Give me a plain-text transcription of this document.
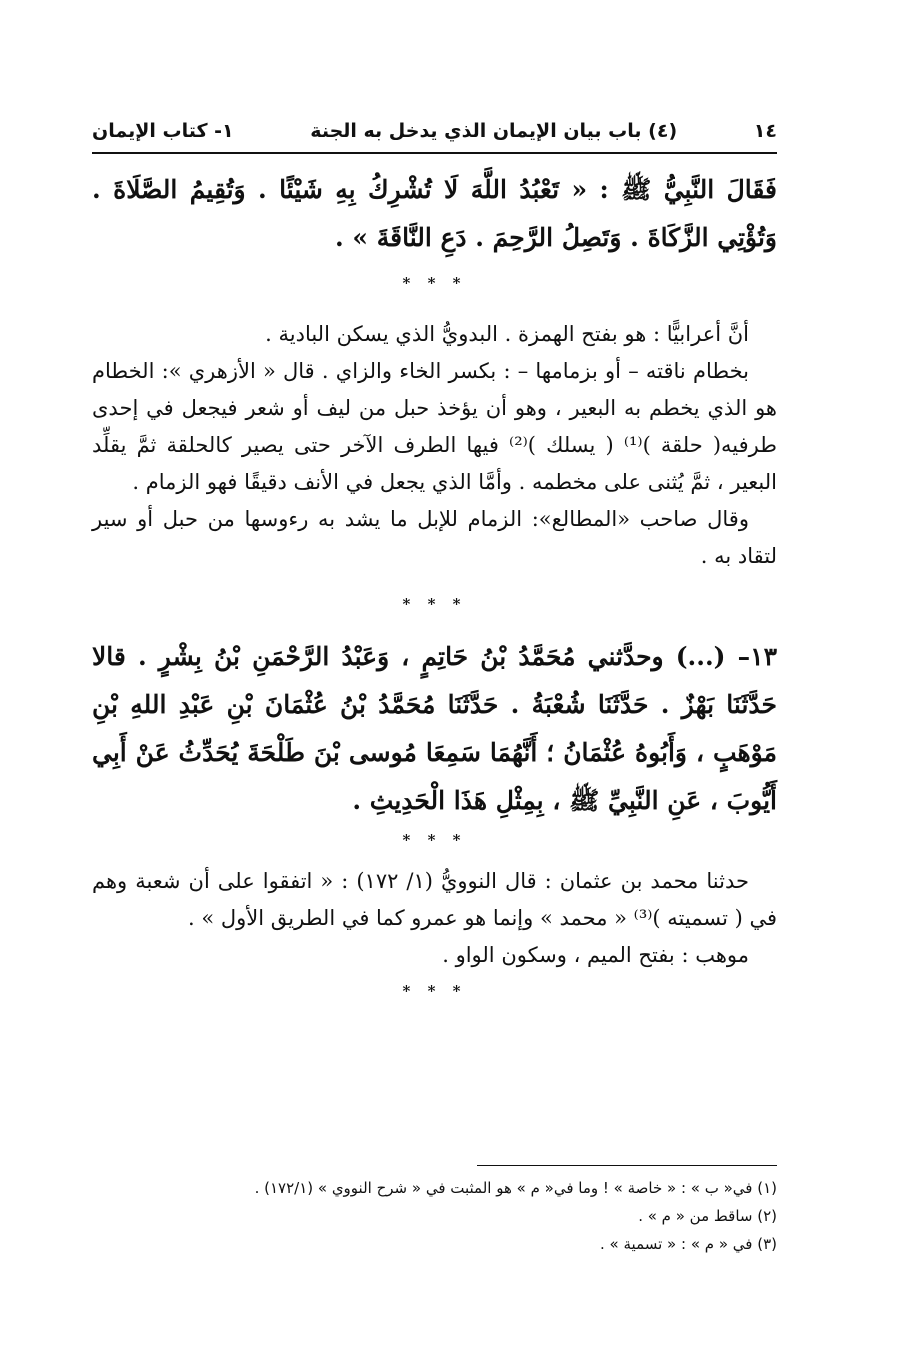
١٤
(٤) باب بيان الإيمان الذي يدخل به الجنة
١- كتاب الإيمان

فَقَالَ النَّبِيُّ ﷺ : « تَعْبُدُ اللَّهَ لَا تُشْرِكُ بِهِ شَيْئًا . وَتُقِيمُ الصَّلَاةَ . وَتُؤْتِي الزَّكَاةَ . وَتَصِلُ الرَّحِمَ . دَعِ النَّاقَةَ » .

* * *

أنَّ أعرابيًّا : هو بفتح الهمزة . البدويُّ الذي يسكن البادية .

بخطام ناقته – أو بزمامها – : بكسر الخاء والزاي . قال « الأزهري »: الخطام هو الذي يخطم به البعير ، وهو أن يؤخذ حبل من ليف أو شعر فيجعل في إحدى طرفيه( حلقة )⁽¹⁾ ( يسلك )⁽²⁾ فيها الطرف الآخر حتى يصير كالحلقة ثمَّ يقلِّد البعير ، ثمَّ يُثنى على مخطمه . وأمَّا الذي يجعل في الأنف دقيقًا فهو الزمام .

وقال صاحب «المطالع»: الزمام للإبل ما يشد به رءوسها من حبل أو سير لتقاد به .

* * *

١٣– (...) وحدَّثني مُحَمَّدُ بْنُ حَاتِمٍ ، وَعَبْدُ الرَّحْمَنِ بْنُ بِشْرٍ . قالا حَدَّثَنَا بَهْزٌ . حَدَّثَنَا شُعْبَةُ . حَدَّثَنَا مُحَمَّدُ بْنُ عُثْمَانَ بْنِ عَبْدِ اللهِ بْنِ مَوْهَبٍ ، وَأَبُوهُ عُثْمَانُ ؛ أَنَّهُمَا سَمِعَا مُوسى بْنَ طَلْحَةَ يُحَدِّثُ عَنْ أَبِي أَيُّوبَ ، عَنِ النَّبِيِّ ﷺ ، بِمِثْلِ هَذَا الْحَدِيثِ .

* * *

حدثنا محمد بن عثمان : قال النوويُّ (١/ ١٧٢) : « اتفقوا على أن شعبة وهم في ( تسميته )⁽³⁾ « محمد » وإنما هو عمرو كما في الطريق الأول » .

موهب : بفتح الميم ، وسكون الواو .

* * *

(١) في« ب » : « خاصة » ! وما في« م » هو المثبت في « شرح النووي » (١٧٢/١) .

(٢) ساقط من « م » .

(٣) في « م » : « تسمية » .
